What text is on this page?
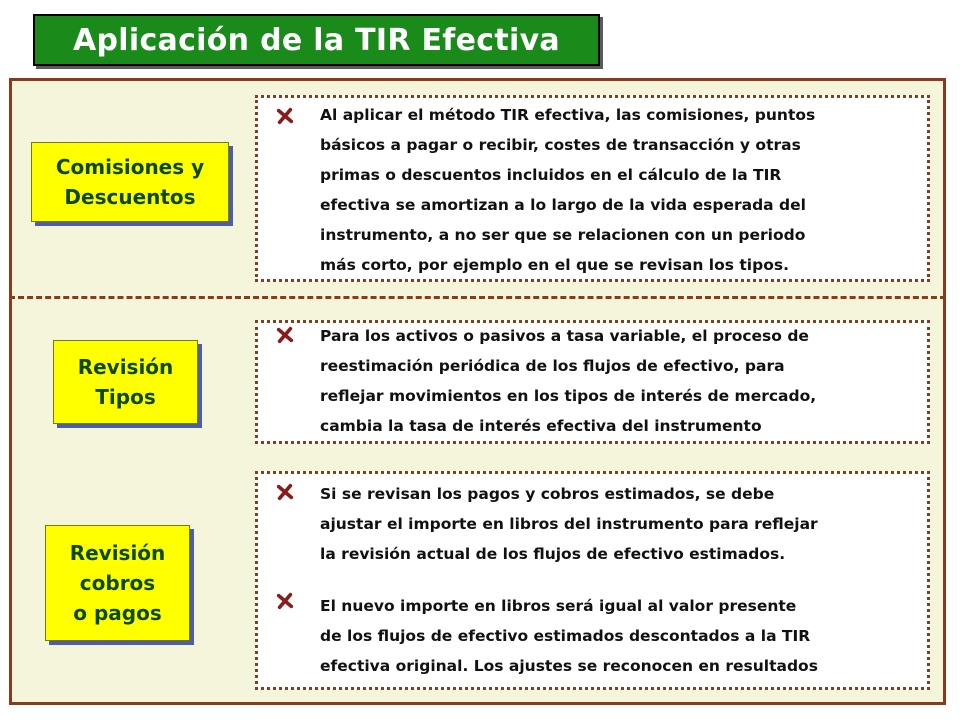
Aplicación de la TIR Efectiva
Comisiones y
Descuentos
Al aplicar el método TIR efectiva, las comisiones, puntos
básicos a pagar o recibir, costes de transacción y otras
primas o descuentos incluidos en el cálculo de la TIR
efectiva se amortizan a lo largo de la vida esperada del
instrumento, a no ser que se relacionen con un periodo
más corto, por ejemplo en el que se revisan los tipos.
Revisión
Tipos
Para los activos o pasivos a tasa variable, el proceso de
reestimación periódica de los flujos de efectivo, para
reflejar movimientos en los tipos de interés de mercado,
cambia la tasa de interés efectiva del instrumento
Revisión
cobros
o pagos
Si se revisan los pagos y cobros estimados, se debe
ajustar el importe en libros del instrumento para reflejar
la revisión actual de los flujos de efectivo estimados.
El nuevo importe en libros será igual al valor presente
de los flujos de efectivo estimados descontados a la TIR
efectiva original. Los ajustes se reconocen en resultados
